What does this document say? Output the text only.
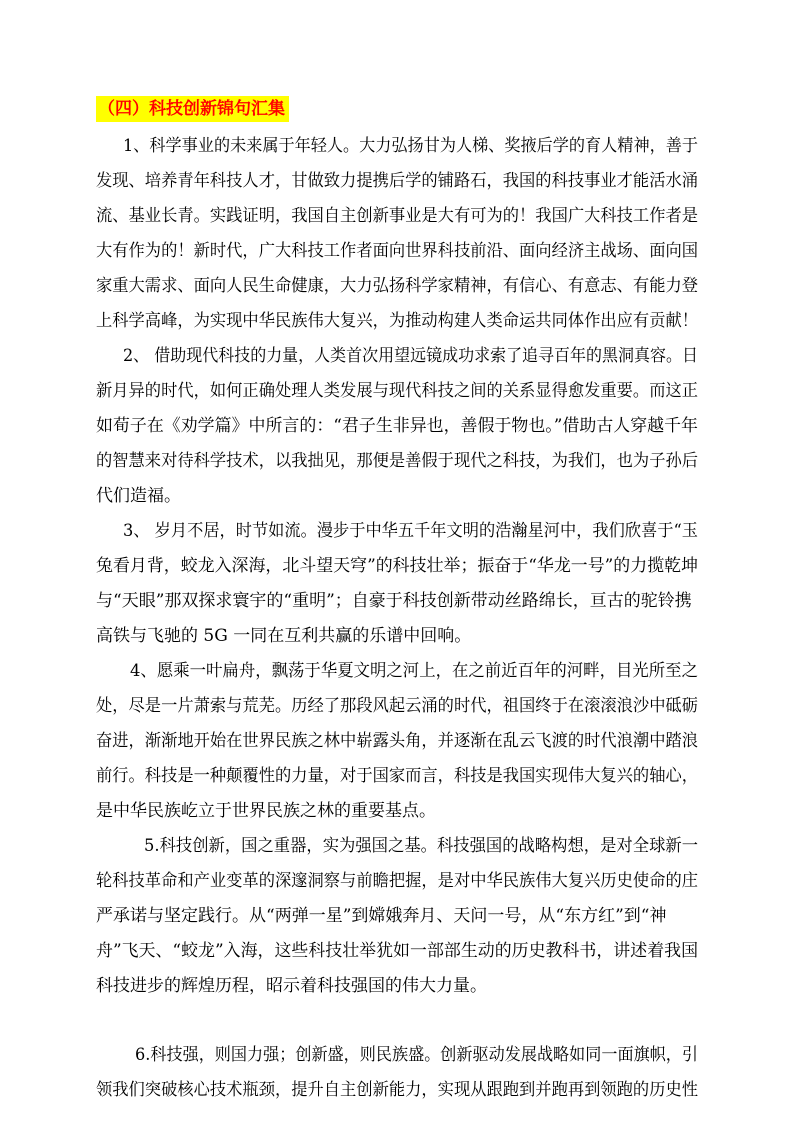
（四）科技创新锦句汇集
1、科学事业的未来属于年轻人。大力弘扬甘为人梯、奖掖后学的育人精神，善于
发现、培养青年科技人才，甘做致力提携后学的铺路石，我国的科技事业才能活水涌
流、基业长青。实践证明，我国自主创新事业是大有可为的！我国广大科技工作者是
大有作为的！新时代，广大科技工作者面向世界科技前沿、面向经济主战场、面向国
家重大需求、面向人民生命健康，大力弘扬科学家精神，有信心、有意志、有能力登
上科学高峰，为实现中华民族伟大复兴，为推动构建人类命运共同体作出应有贡献！
2、 借助现代科技的力量，人类首次用望远镜成功求索了追寻百年的黑洞真容。日
新月异的时代，如何正确处理人类发展与现代科技之间的关系显得愈发重要。而这正
如荀子在《劝学篇》中所言的：“君子生非异也，善假于物也。”借助古人穿越千年
的智慧来对待科学技术，以我拙见，那便是善假于现代之科技，为我们，也为子孙后
代们造福。
3、 岁月不居，时节如流。漫步于中华五千年文明的浩瀚星河中，我们欣喜于“玉
兔看月背，蛟龙入深海，北斗望天穹”的科技壮举；振奋于“华龙一号”的力揽乾坤
与“天眼”那双探求寰宇的“重明”；自豪于科技创新带动丝路绵长，亘古的驼铃携
高铁与飞驰的 5G 一同在互利共赢的乐谱中回响。
4、愿乘一叶扁舟，飘荡于华夏文明之河上，在之前近百年的河畔，目光所至之
处，尽是一片萧索与荒芜。历经了那段风起云涌的时代，祖国终于在滚滚浪沙中砥砺
奋进，渐渐地开始在世界民族之林中崭露头角，并逐渐在乱云飞渡的时代浪潮中踏浪
前行。科技是一种颠覆性的力量，对于国家而言，科技是我国实现伟大复兴的轴心，
是中华民族屹立于世界民族之林的重要基点。
5.科技创新，国之重器，实为强国之基。科技强国的战略构想，是对全球新一
轮科技革命和产业变革的深邃洞察与前瞻把握，是对中华民族伟大复兴历史使命的庄
严承诺与坚定践行。从“两弹一星”到嫦娥奔月、天问一号，从“东方红”到“神
舟”飞天、“蛟龙”入海，这些科技壮举犹如一部部生动的历史教科书，讲述着我国
科技进步的辉煌历程，昭示着科技强国的伟大力量。
6.科技强，则国力强；创新盛，则民族盛。创新驱动发展战略如同一面旗帜，引
领我们突破核心技术瓶颈，提升自主创新能力，实现从跟跑到并跑再到领跑的历史性
